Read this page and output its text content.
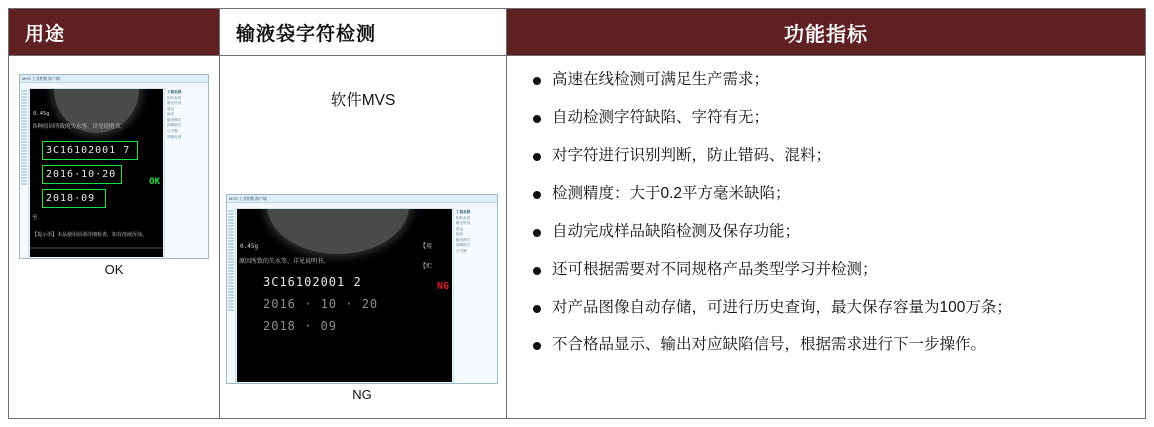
用途
MVS 工业相机客户端
0.45g
各种原因所致的失水等，详见说明书。
3C16102001 7
2016·10·20
2018·09
至
【提示语】本品使用前请详细检查，如有溶液浑浊、
OK
工程名称
相机参数
曝光时间
增益
帧率
触发模式
图像格式
白平衡
图像处理
OK
输液袋字符检测
软件MVS
MVS 工业相机客户端
0.45g
原因所致的失水等，详见说明书。
3C16102001 2
2016 · 10 · 20
2018 · 09
【用
【贮
NG
工程名称
相机参数
曝光时间
增益
帧率
触发模式
图像格式
白平衡
NG
功能指标
高速在线检测可满足生产需求；
自动检测字符缺陷、字符有无；
对字符进行识别判断，防止错码、混料；
检测精度：大于0.2平方毫米缺陷；
自动完成样品缺陷检测及保存功能；
还可根据需要对不同规格产品类型学习并检测；
对产品图像自动存储，可进行历史查询，最大保存容量为100万条；
不合格品显示、输出对应缺陷信号，根据需求进行下一步操作。
